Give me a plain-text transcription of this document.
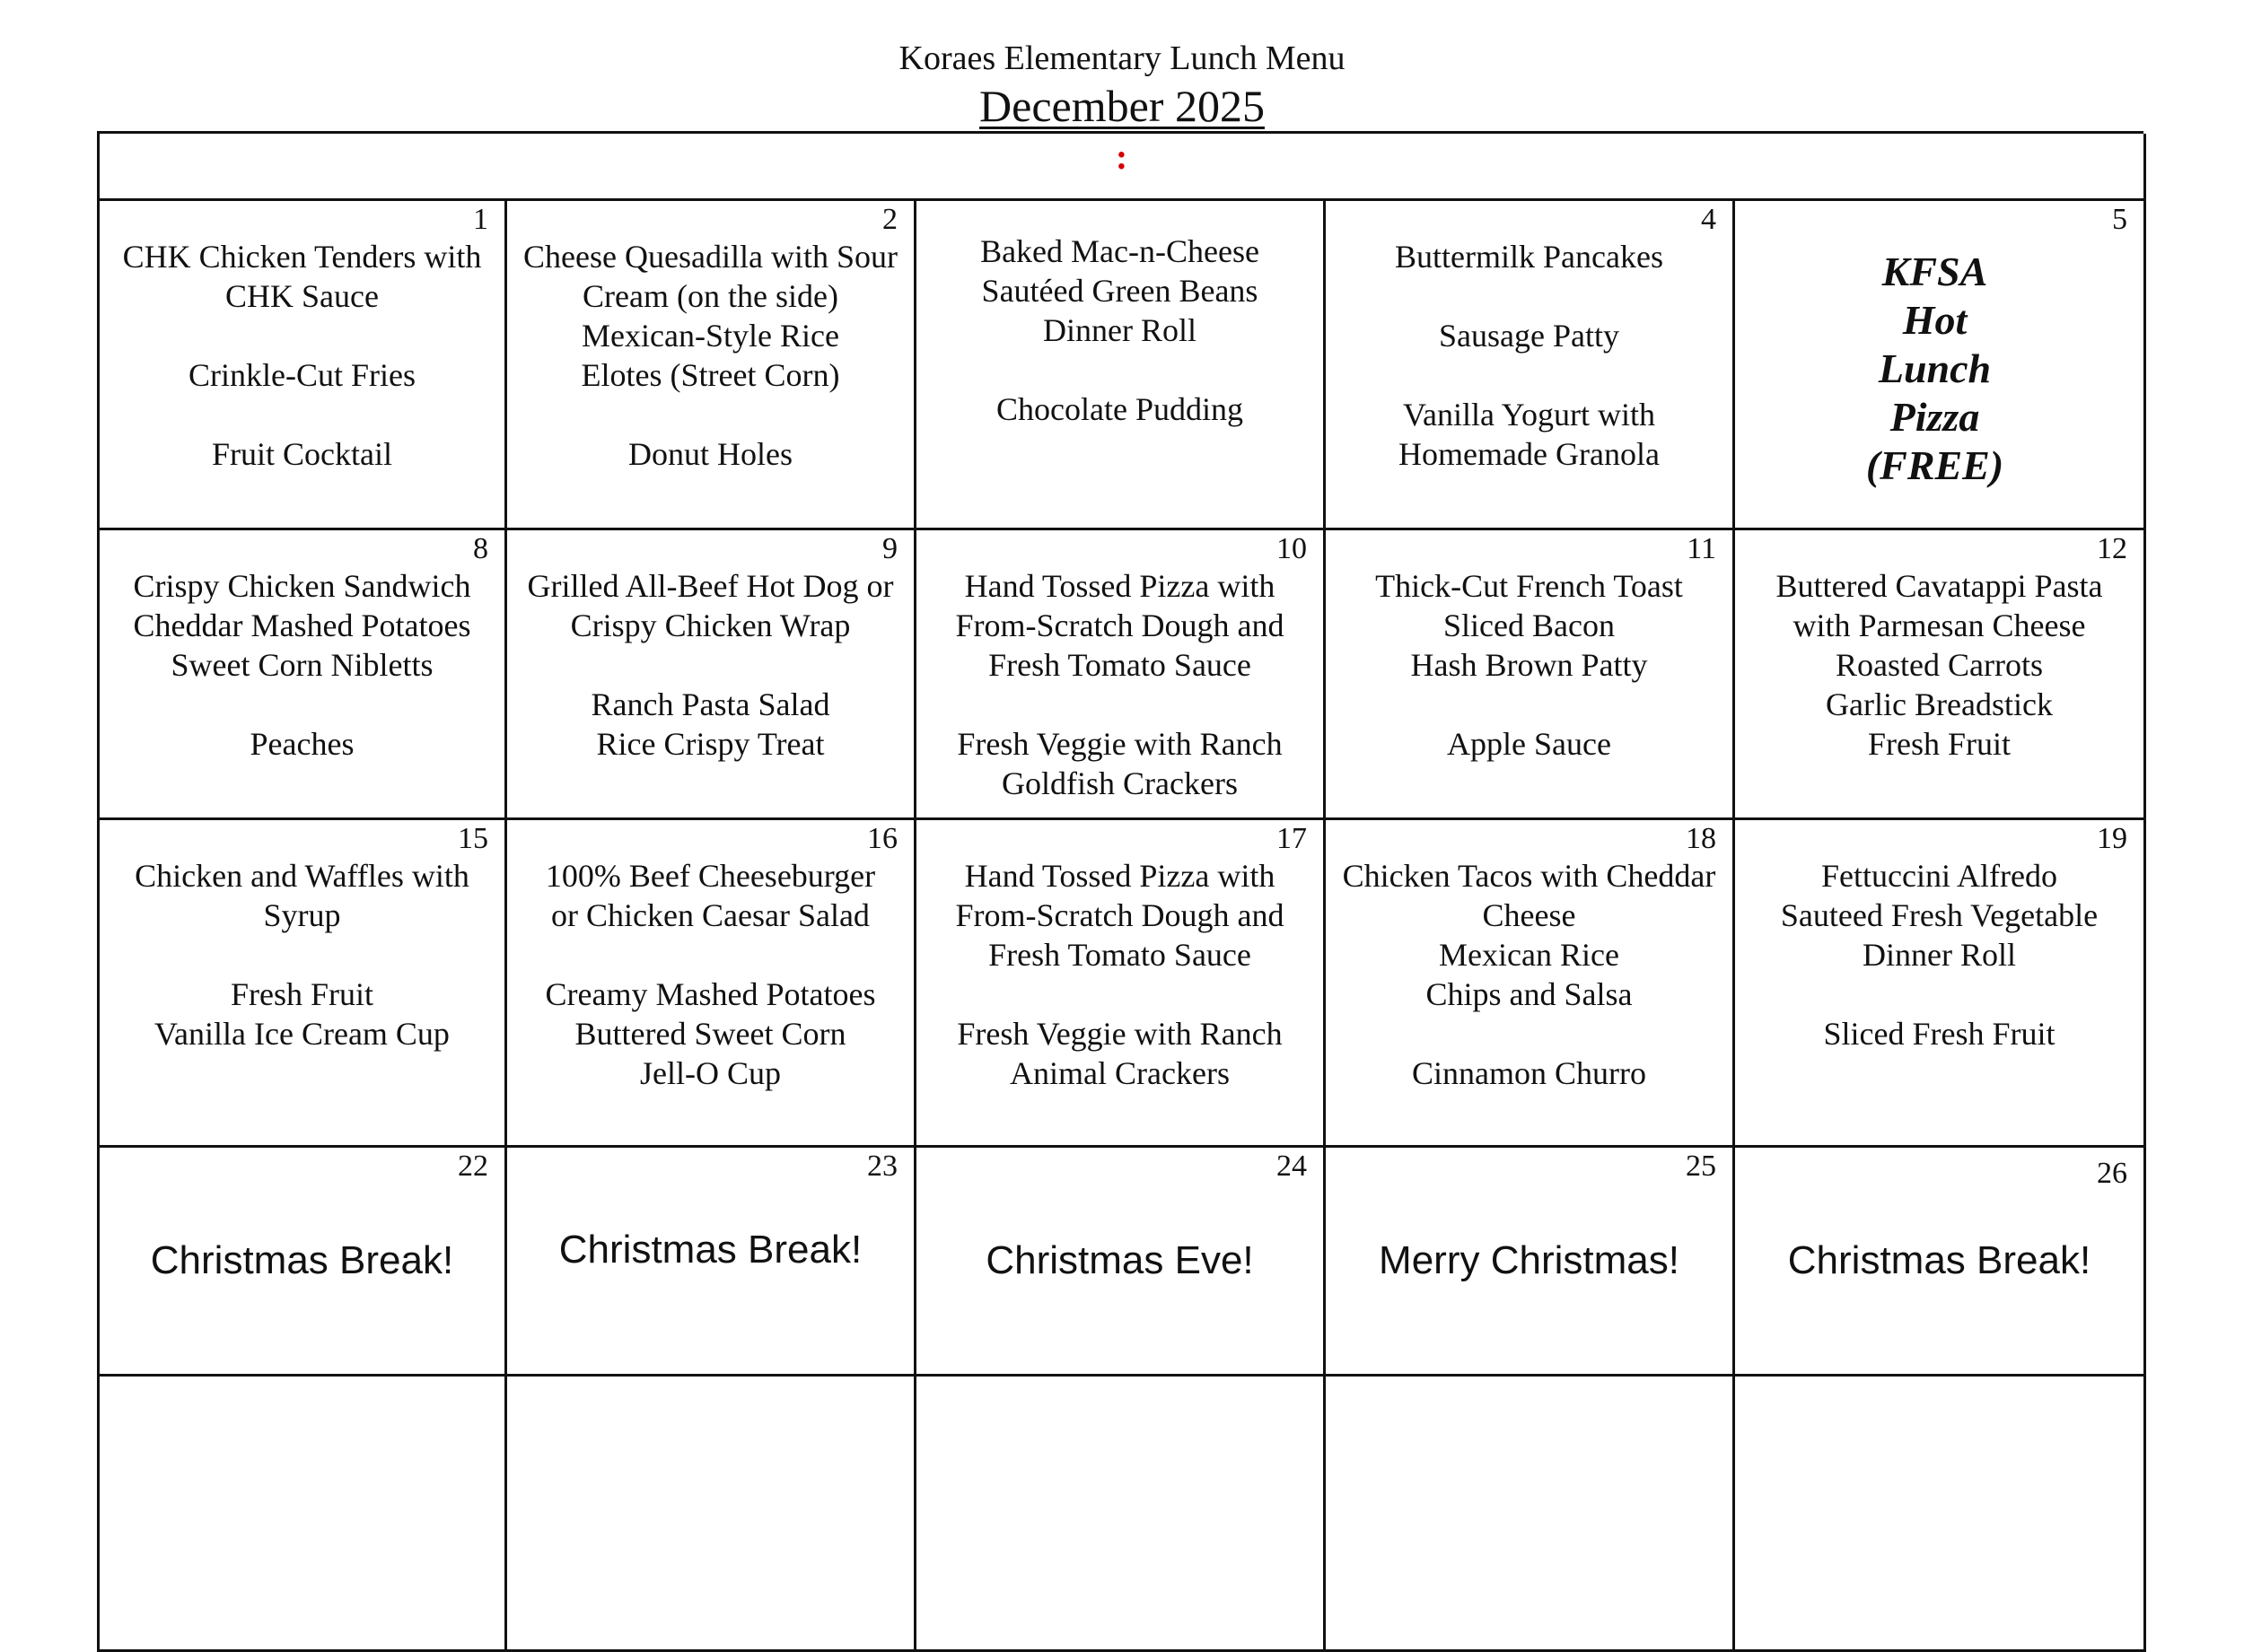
Koraes Elementary Lunch Menu
December 2025
:
1
CHK Chicken Tenders with
CHK Sauce
Crinkle-Cut Fries
Fruit Cocktail
2
Cheese Quesadilla with Sour
Cream (on the side)
Mexican-Style Rice
Elotes (Street Corn)
Donut Holes
Baked Mac-n-Cheese
Sautéed Green Beans
Dinner Roll
Chocolate Pudding
4
Buttermilk Pancakes
Sausage Patty
Vanilla Yogurt with
Homemade Granola
5
KFSA
Hot
Lunch
Pizza
(FREE)
8
Crispy Chicken Sandwich
Cheddar Mashed Potatoes
Sweet Corn Nibletts
Peaches
9
Grilled All-Beef Hot Dog or
Crispy Chicken Wrap
Ranch Pasta Salad
Rice Crispy Treat
10
Hand Tossed Pizza with
From-Scratch Dough and
Fresh Tomato Sauce
Fresh Veggie with Ranch
Goldfish Crackers
11
Thick-Cut French Toast
Sliced Bacon
Hash Brown Patty
Apple Sauce
12
Buttered Cavatappi Pasta
with Parmesan Cheese
Roasted Carrots
Garlic Breadstick
Fresh Fruit
15
Chicken and Waffles with
Syrup
Fresh Fruit
Vanilla Ice Cream Cup
16
100% Beef Cheeseburger
or Chicken Caesar Salad
Creamy Mashed Potatoes
Buttered Sweet Corn
Jell-O Cup
17
Hand Tossed Pizza with
From-Scratch Dough and
Fresh Tomato Sauce
Fresh Veggie with Ranch
Animal Crackers
18
Chicken Tacos with Cheddar
Cheese
Mexican Rice
Chips and Salsa
Cinnamon Churro
19
Fettuccini Alfredo
Sauteed Fresh Vegetable
Dinner Roll
Sliced Fresh Fruit
22
Christmas Break!
23
Christmas Break!
24
Christmas Eve!
25
Merry Christmas!
26
Christmas Break!
